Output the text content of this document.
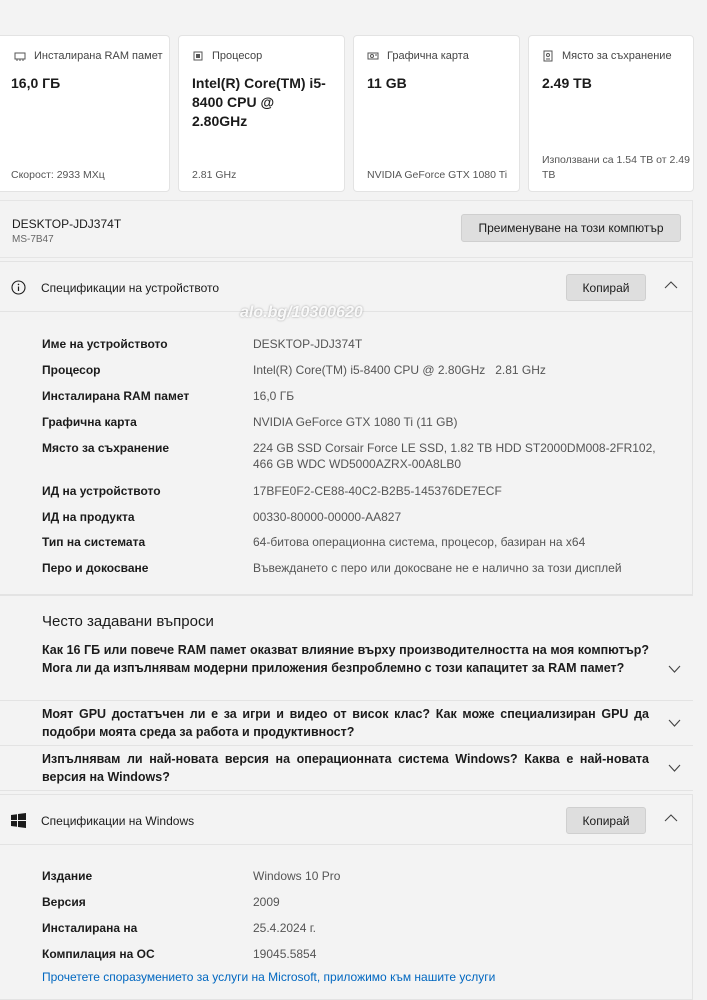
Инсталирана RAM памет
16,0 ГБ
Скорост: 2933 МХц
Процесор
Intel(R) Core(TM) i5-8400 CPU @ 2.80GHz
2.81 GHz
Графична карта
11 GB
NVIDIA GeForce GTX 1080 Ti
Място за съхранение
2.49 TB
Използвани са 1.54 TB от 2.49 TB
DESKTOP-JDJ374T
MS-7B47
Преименуване на този компютър
Спецификации на устройството	Копирай
Име на устройството	DESKTOP-JDJ374T
Процесор	Intel(R) Core(TM) i5-8400 CPU @ 2.80GHz   2.81 GHz
Инсталирана RAM памет	16,0 ГБ
Графична карта	NVIDIA GeForce GTX 1080 Ti (11 GB)
Място за съхранение	224 GB SSD Corsair Force LE SSD, 1.82 TB HDD ST2000DM008-2FR102, 466 GB WDC WD5000AZRX-00A8LB0
ИД на устройството	17BFE0F2-CE88-40C2-B2B5-145376DE7ECF
ИД на продукта	00330-80000-00000-AA827
Тип на системата	64-битова операционна система, процесор, базиран на x64
Перо и докосване	Въвеждането с перо или докосване не е налично за този дисплей
alo.bg/10300620
Често задавани въпроси
Как 16 ГБ или повече RAM памет оказват влияние върху производителността на моя компютър? Мога ли да изпълнявам модерни приложения безпроблемно с този капацитет за RAM памет?
Моят GPU достатъчен ли е за игри и видео от висок клас? Как може специализиран GPU да подобри моята среда за работа и продуктивност?
Изпълнявам ли най-новата версия на операционната система Windows? Каква е най-новата версия на Windows?
Спецификации на Windows	Копирай
Издание	Windows 10 Pro
Версия	2009
Инсталирана на	25.4.2024 г.
Компилация на ОС	19045.5854
Прочетете споразумението за услуги на Microsoft, приложимо към нашите услуги
